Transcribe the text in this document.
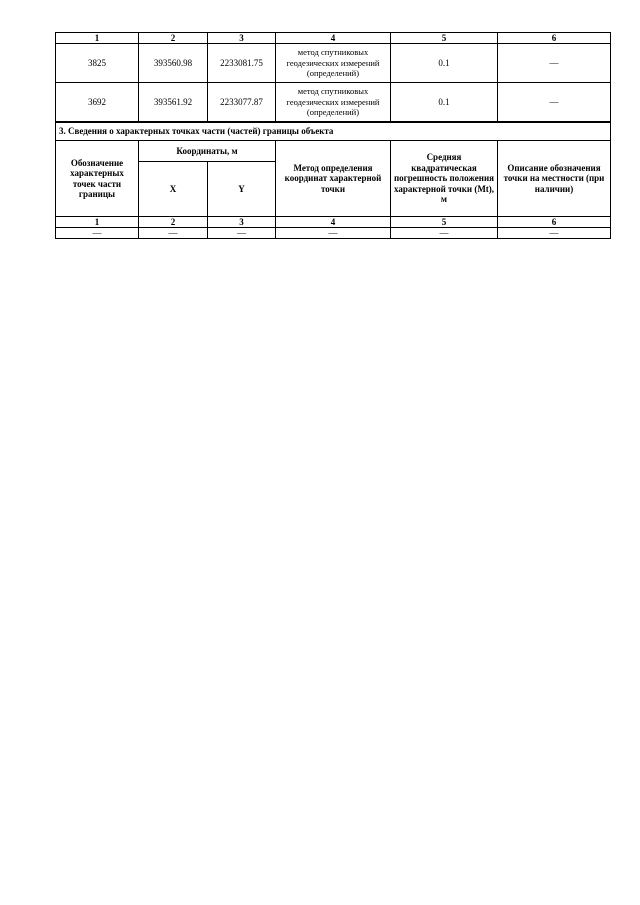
1	2	3	4	5	6
3825	393560.98	2233081.75	метод спутниковых геодезических измерений (определений)	0.1	—
3692	393561.92	2233077.87	метод спутниковых геодезических измерений (определений)	0.1	—
3. Сведения о характерных точках части (частей) границы объекта					
Обозначение характерных точек части границы	Координаты, м		Метод определения координат характерной точки	Средняя квадратическая погрешность положения характерной точки (Mt), м	Описание обозначения точки на местности (при наличии)
	X	Y			
1	2	3	4	5	6
—	—	—	—	—	—
